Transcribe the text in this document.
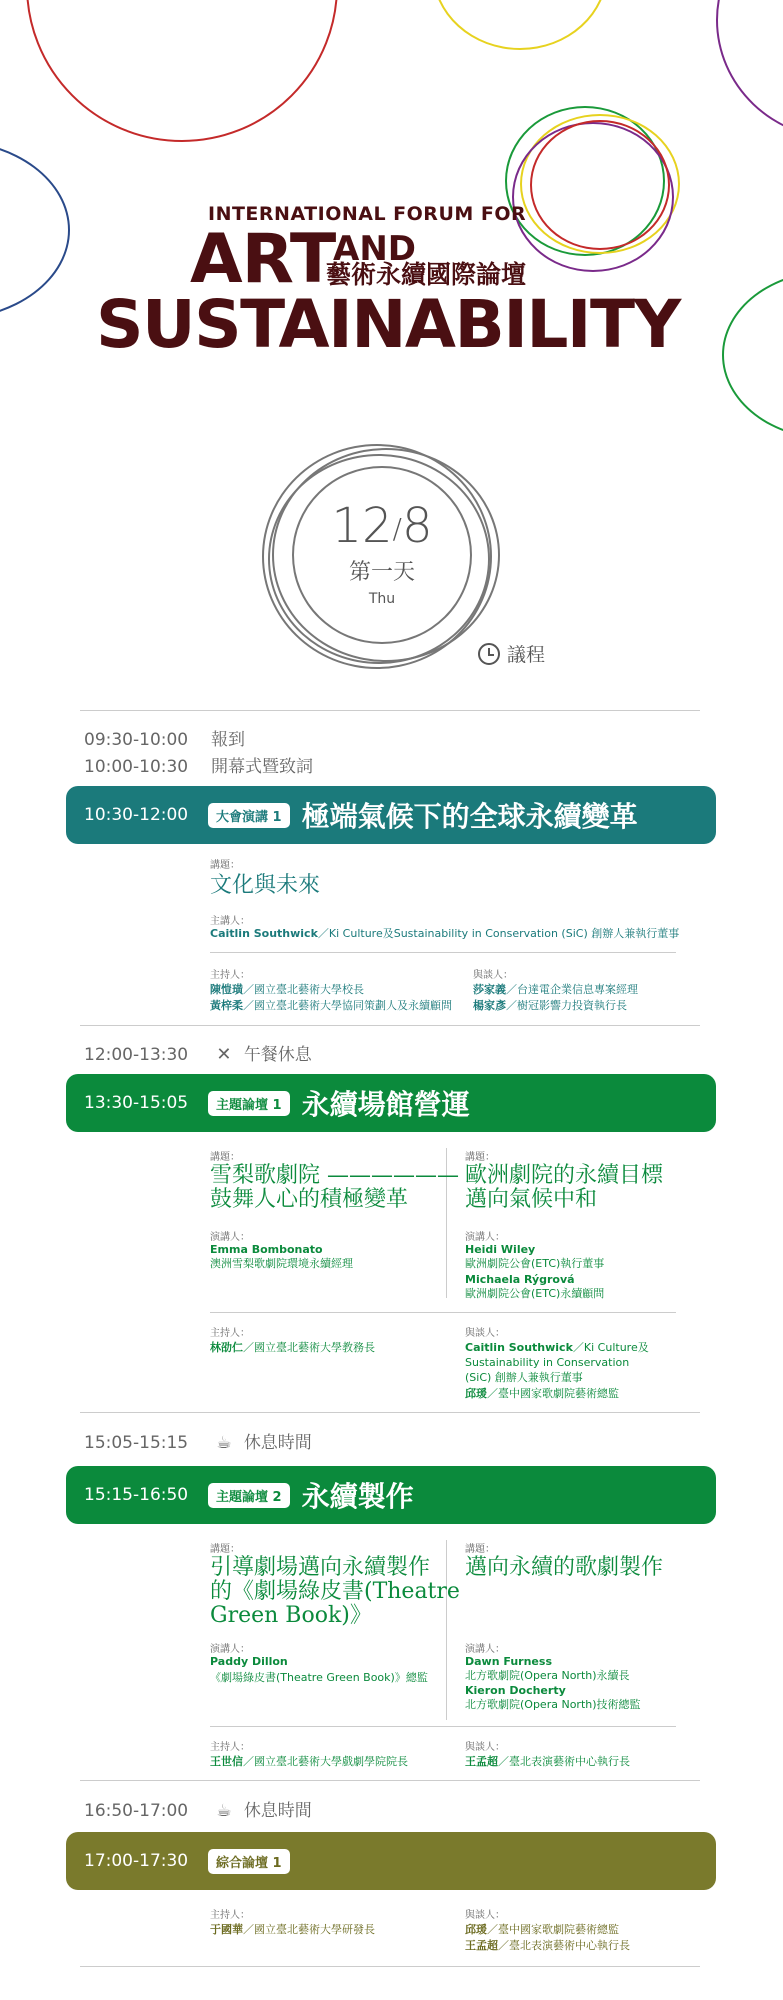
INTERNATIONAL FORUM FOR
ART
AND
藝術永續國際論壇
SUSTAINABILITY
12/8
第一天
Thu
議程
09:30-10:00 報到
10:00-10:30 開幕式暨致詞
10:30-12:00	大會演講 1 極端氣候下的全球永續變革
講題：
文化與未來
主講人：
Caitlin Southwick／Ki Culture及Sustainability in Conservation (SiC) 創辦人兼執行董事
主持人：
陳愷璜／國立臺北藝術大學校長
黃梓柔／國立臺北藝術大學協同策劃人及永續顧問
與談人：
莎家義／台達電企業信息專案經理
楊家彥／樹冠影響力投資執行長
12:00-13:30 ✕ 午餐休息
13:30-15:05	主題論壇 1 永續場館營運
講題：
雪梨歌劇院 ——————
鼓舞人心的積極變革
講題：
歐洲劇院的永續目標
邁向氣候中和
演講人：
Emma Bombonato
澳洲雪梨歌劇院環境永續經理
演講人：
Heidi Wiley
歐洲劇院公會(ETC)執行董事
Michaela Rýgrová
歐洲劇院公會(ETC)永續顧問
主持人：
林劭仁／國立臺北藝術大學教務長
與談人：
Caitlin Southwick／Ki Culture及
Sustainability in Conservation
(SiC) 創辦人兼執行董事
邱瑗／臺中國家歌劇院藝術總監
15:05-15:15 ☕ 休息時間
15:15-16:50	主題論壇 2 永續製作
講題：
引導劇場邁向永續製作
的《劇場綠皮書(Theatre
Green Book)》
講題：
邁向永續的歌劇製作
演講人：
Paddy Dillon
《劇場綠皮書(Theatre Green Book)》總監
演講人：
Dawn Furness
北方歌劇院(Opera North)永續長
Kieron Docherty
北方歌劇院(Opera North)技術總監
主持人：
王世信／國立臺北藝術大學戲劇學院院長
與談人：
王孟超／臺北表演藝術中心執行長
16:50-17:00 ☕ 休息時間
17:00-17:30	綜合論壇 1
主持人：
于國華／國立臺北藝術大學研發長
與談人：
邱瑗／臺中國家歌劇院藝術總監
王孟超／臺北表演藝術中心執行長
